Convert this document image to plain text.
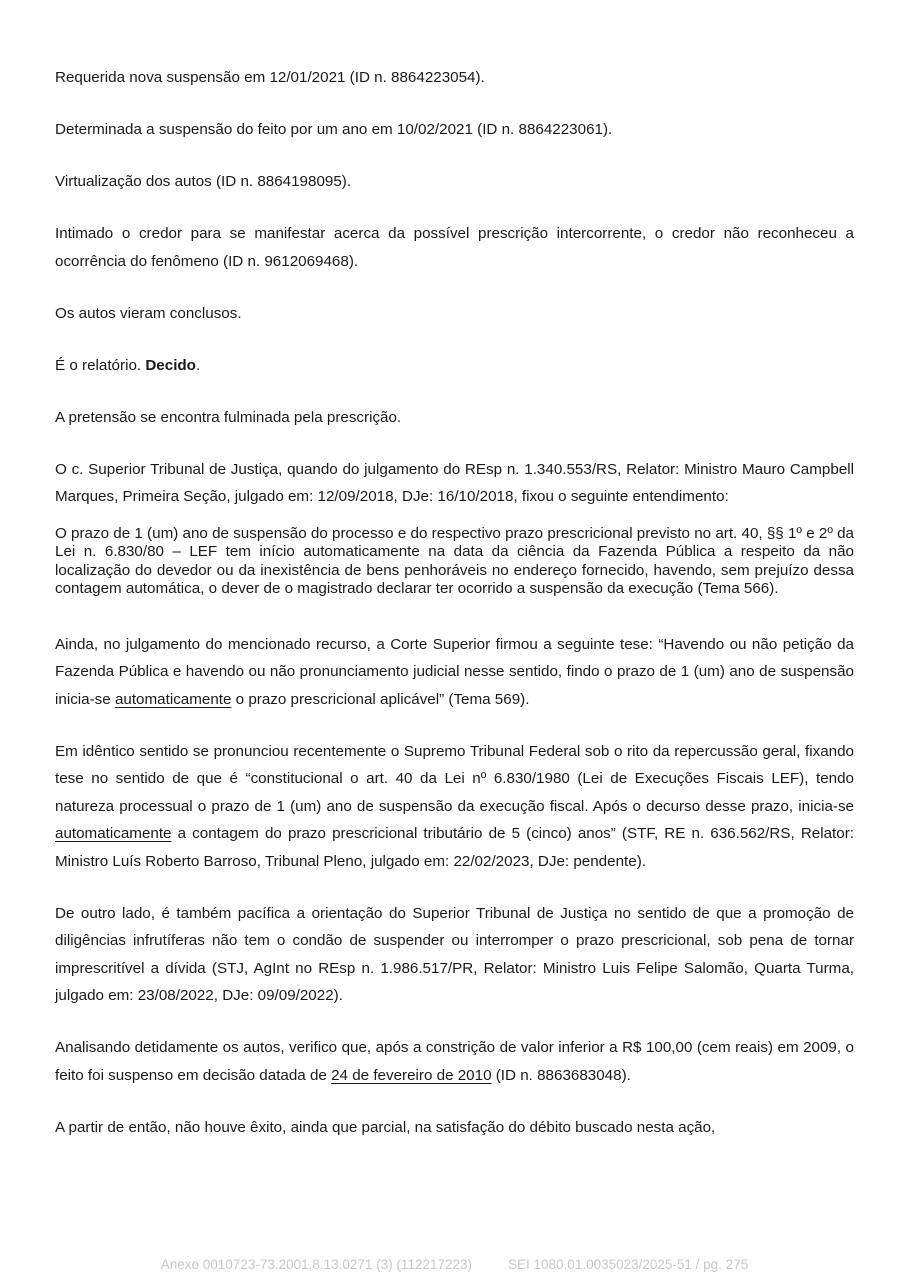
Requerida nova suspensão em 12/01/2021 (ID n. 8864223054).

Determinada a suspensão do feito por um ano em 10/02/2021 (ID n. 8864223061).

Virtualização dos autos (ID n. 8864198095).

Intimado o credor para se manifestar acerca da possível prescrição intercorrente, o credor não reconheceu a ocorrência do fenômeno (ID n. 9612069468).

Os autos vieram conclusos.

É o relatório. Decido.

A pretensão se encontra fulminada pela prescrição.

O c. Superior Tribunal de Justiça, quando do julgamento do REsp n. 1.340.553/RS, Relator: Ministro Mauro Campbell Marques, Primeira Seção, julgado em: 12/09/2018, DJe: 16/10/2018, fixou o seguinte entendimento:

O prazo de 1 (um) ano de suspensão do processo e do respectivo prazo prescricional previsto no art. 40, §§ 1º e 2º da Lei n. 6.830/80 – LEF tem início automaticamente na data da ciência da Fazenda Pública a respeito da não localização do devedor ou da inexistência de bens penhoráveis no endereço fornecido, havendo, sem prejuízo dessa contagem automática, o dever de o magistrado declarar ter ocorrido a suspensão da execução (Tema 566).

Ainda, no julgamento do mencionado recurso, a Corte Superior firmou a seguinte tese: “Havendo ou não petição da Fazenda Pública e havendo ou não pronunciamento judicial nesse sentido, findo o prazo de 1 (um) ano de suspensão inicia-se automaticamente o prazo prescricional aplicável” (Tema 569).

Em idêntico sentido se pronunciou recentemente o Supremo Tribunal Federal sob o rito da repercussão geral, fixando tese no sentido de que é “constitucional o art. 40 da Lei nº 6.830/1980 (Lei de Execuções Fiscais LEF), tendo natureza processual o prazo de 1 (um) ano de suspensão da execução fiscal. Após o decurso desse prazo, inicia-se automaticamente a contagem do prazo prescricional tributário de 5 (cinco) anos” (STF, RE n. 636.562/RS, Relator: Ministro Luís Roberto Barroso, Tribunal Pleno, julgado em: 22/02/2023, DJe: pendente).

De outro lado, é também pacífica a orientação do Superior Tribunal de Justiça no sentido de que a promoção de diligências infrutíferas não tem o condão de suspender ou interromper o prazo prescricional, sob pena de tornar imprescritível a dívida (STJ, AgInt no REsp n. 1.986.517/PR, Relator: Ministro Luis Felipe Salomão, Quarta Turma, julgado em: 23/08/2022, DJe: 09/09/2022).

Analisando detidamente os autos, verifico que, após a constrição de valor inferior a R$ 100,00 (cem reais) em 2009, o feito foi suspenso em decisão datada de 24 de fevereiro de 2010 (ID n. 8863683048).

A partir de então, não houve êxito, ainda que parcial, na satisfação do débito buscado nesta ação,

Anexo 0010723-73.2001.8.13.0271 (3) (112217223)	SEI 1080.01.0035023/2025-51 / pg. 275
